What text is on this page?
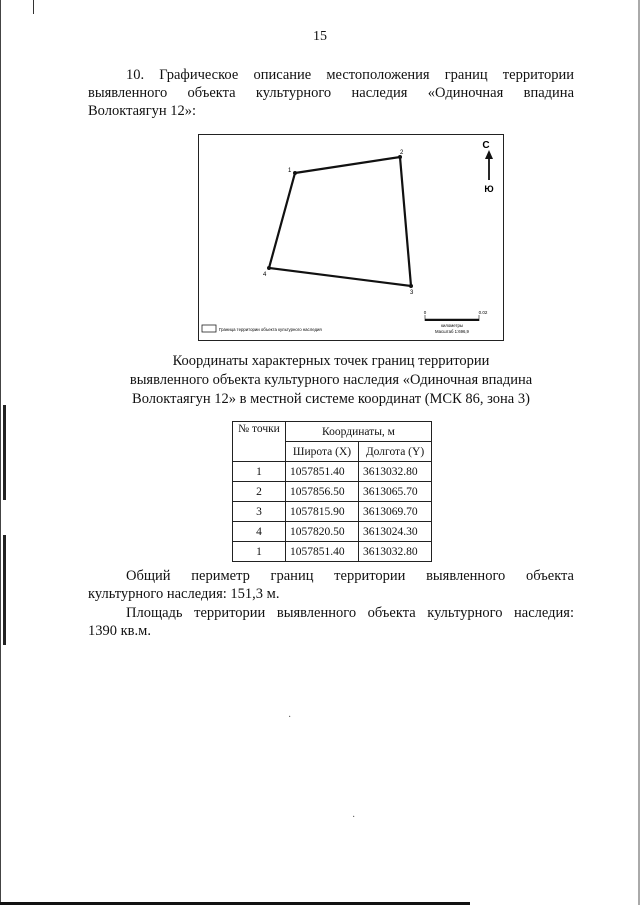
15
10. Графическое описание местоположения границ территории
выявленного объекта культурного наследия «Одиночная впадина
Волоктаягун 12»:
1
2
3
4
С
Ю
Граница территории объекта культурного наследия
0	0.02
километры
Масштаб 1:696,9
Координаты характерных точек границ территории
выявленного объекта культурного наследия «Одиночная впадина
Волоктаягун 12» в местной системе координат (МСК 86, зона 3)
№ точки	Координаты, м	
	Широта (X)	Долгота (Y)
1	1057851.40	3613032.80
2	1057856.50	3613065.70
3	1057815.90	3613069.70
4	1057820.50	3613024.30
1	1057851.40	3613032.80
Общий периметр границ территории выявленного объекта
культурного наследия: 151,3 м.
Площадь территории выявленного объекта культурного наследия:
1390 кв.м.
·
·
